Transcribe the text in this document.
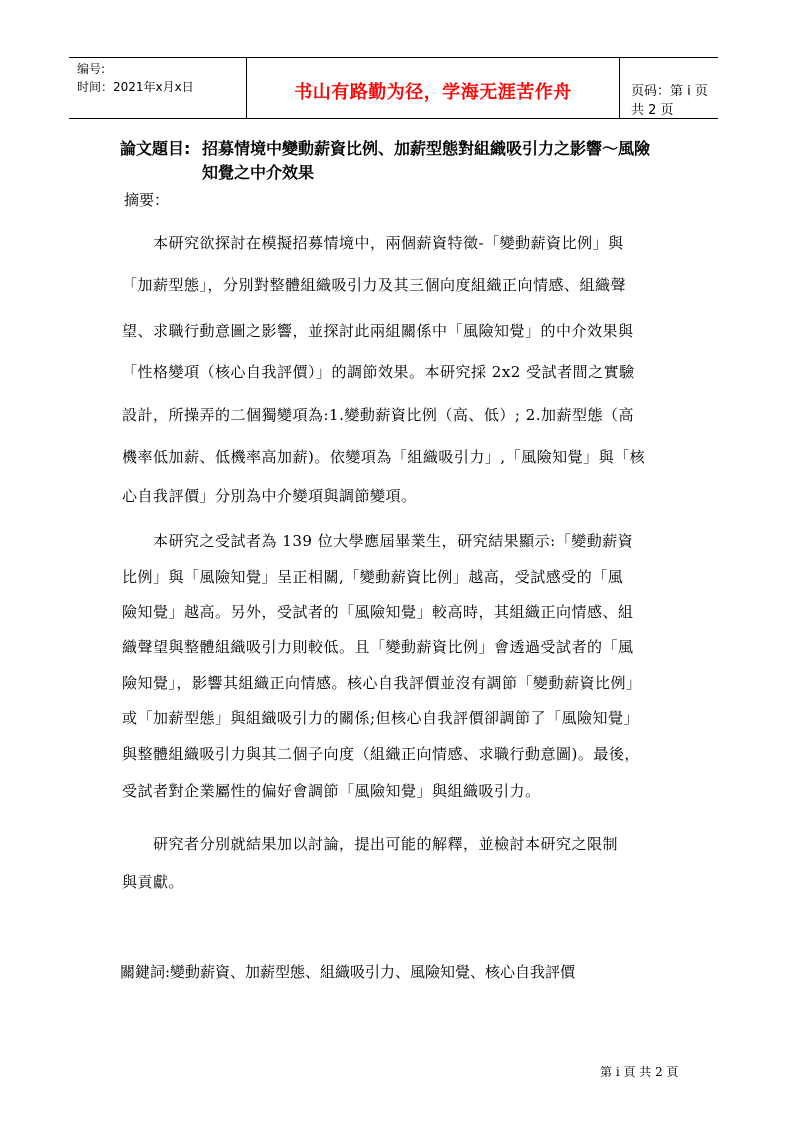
编号:
时间：2021年x月x日	书山有路勤为径，学海无涯苦作舟	页码：第 i 页 共 2 页
論文題目: 招募情境中變動薪資比例、加薪型態對組織吸引力之影響～風險
知覺之中介效果
摘要：
　　本研究欲探討在模擬招募情境中，兩個薪資特徵-「變動薪資比例」與
「加薪型態」，分別對整體組織吸引力及其三個向度組織正向情感、組織聲
望、求職行動意圖之影響，並探討此兩組關係中「風險知覺」的中介效果與
「性格變項（核心自我評價）」的調節效果。本研究採 2x2 受試者間之實驗
設計，所操弄的二個獨變項為:1.變動薪資比例（高、低）; 2.加薪型態（高
機率低加薪、低機率高加薪)。依變項為「組織吸引力」,「風險知覺」與「核
心自我評價」分別為中介變項與調節變項。
　　本研究之受試者為 139 位大學應屆畢業生，研究結果顯示:「變動薪資
比例」與「風險知覺」呈正相關,「變動薪資比例」越高，受試感受的「風
險知覺」越高。另外，受試者的「風險知覺」較高時，其組織正向情感、組
織聲望與整體組織吸引力則較低。且「變動薪資比例」會透過受試者的「風
險知覺」，影響其組織正向情感。核心自我評價並沒有調節「變動薪資比例」
或「加薪型態」與組織吸引力的關係;但核心自我評價卻調節了「風險知覺」
與整體組織吸引力與其二個子向度（組織正向情感、求職行動意圖)。最後，
受試者對企業屬性的偏好會調節「風險知覺」與組織吸引力。
　　研究者分別就結果加以討論，提出可能的解釋，並檢討本研究之限制
與貢獻。
關鍵詞:變動薪資、加薪型態、組織吸引力、風險知覺、核心自我評價
第 i 頁 共 2 頁
